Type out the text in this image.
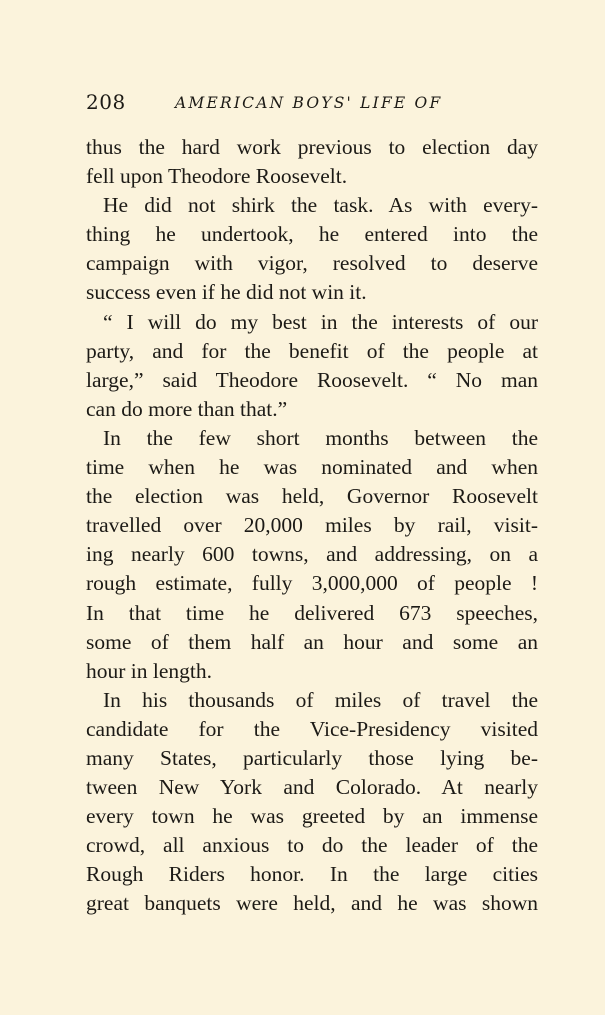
208	AMERICAN BOYS' LIFE OF
thus the hard work previous to election day
fell upon Theodore Roosevelt.
He did not shirk the task. As with every-
thing he undertook, he entered into the
campaign with vigor, resolved to deserve
success even if he did not win it.
“ I will do my best in the interests of our
party, and for the benefit of the people at
large,” said Theodore Roosevelt. “ No man
can do more than that.”
In the few short months between the
time when he was nominated and when
the election was held, Governor Roosevelt
travelled over 20,000 miles by rail, visit-
ing nearly 600 towns, and addressing, on a
rough estimate, fully 3,000,000 of people !
In that time he delivered 673 speeches,
some of them half an hour and some an
hour in length.
In his thousands of miles of travel the
candidate for the Vice-Presidency visited
many States, particularly those lying be-
tween New York and Colorado. At nearly
every town he was greeted by an immense
crowd, all anxious to do the leader of the
Rough Riders honor. In the large cities
great banquets were held, and he was shown
